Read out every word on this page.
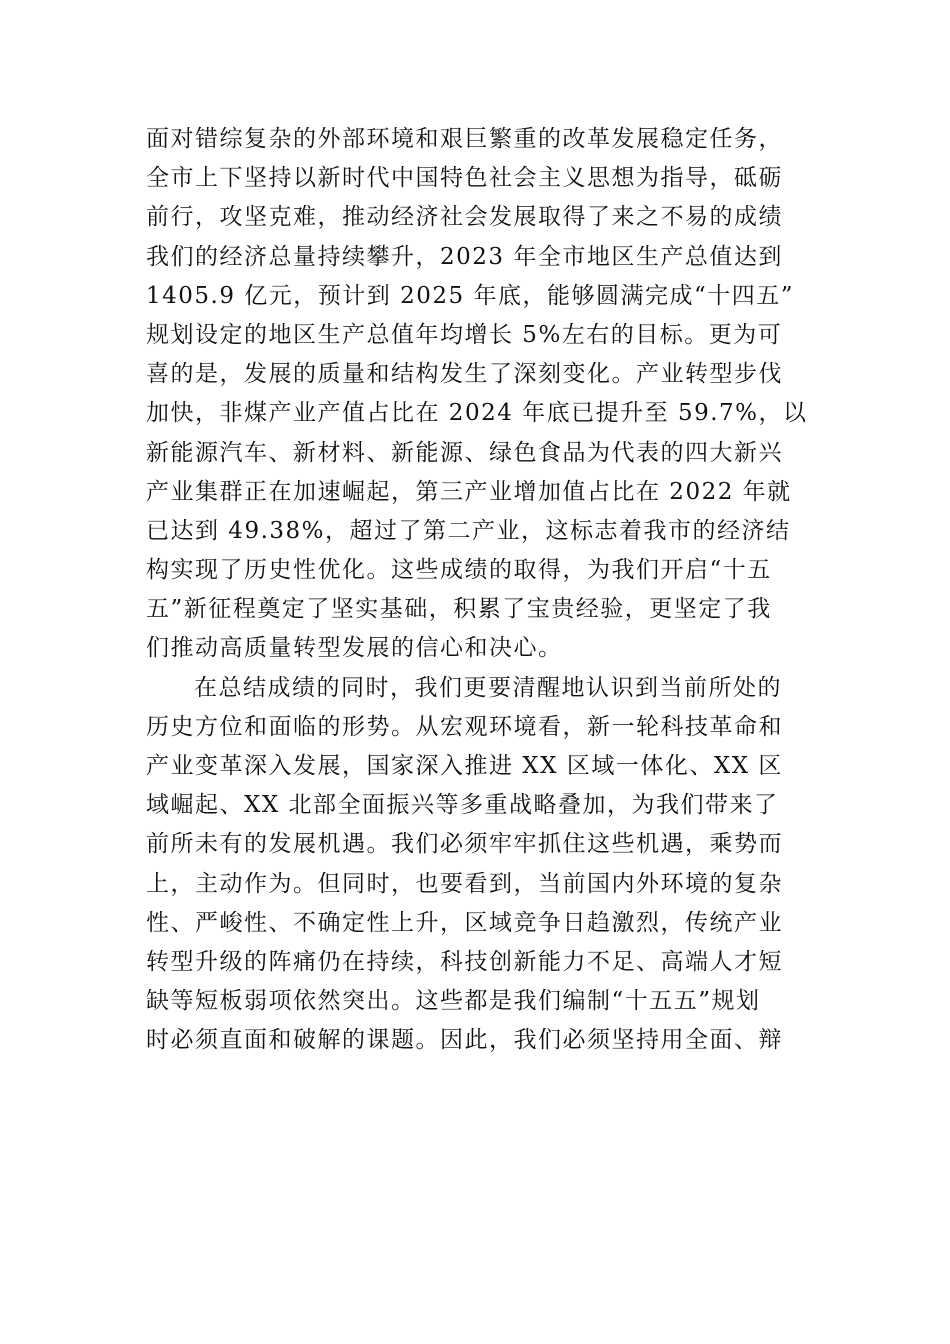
面对错综复杂的外部环境和艰巨繁重的改革发展稳定任务，
全市上下坚持以新时代中国特色社会主义思想为指导，砥砺
前行，攻坚克难，推动经济社会发展取得了来之不易的成绩
我们的经济总量持续攀升，2023 年全市地区生产总值达到
1405.9 亿元，预计到 2025 年底，能够圆满完成“十四五”
规划设定的地区生产总值年均增长 5%左右的目标。更为可
喜的是，发展的质量和结构发生了深刻变化。产业转型步伐
加快，非煤产业产值占比在 2024 年底已提升至 59.7%，以
新能源汽车、新材料、新能源、绿色食品为代表的四大新兴
产业集群正在加速崛起，第三产业增加值占比在 2022 年就
已达到 49.38%，超过了第二产业，这标志着我市的经济结
构实现了历史性优化。这些成绩的取得，为我们开启“十五
五”新征程奠定了坚实基础，积累了宝贵经验，更坚定了我
们推动高质量转型发展的信心和决心。
在总结成绩的同时，我们更要清醒地认识到当前所处的
历史方位和面临的形势。从宏观环境看，新一轮科技革命和
产业变革深入发展，国家深入推进 XX 区域一体化、XX 区
域崛起、XX 北部全面振兴等多重战略叠加，为我们带来了
前所未有的发展机遇。我们必须牢牢抓住这些机遇，乘势而
上，主动作为。但同时，也要看到，当前国内外环境的复杂
性、严峻性、不确定性上升，区域竞争日趋激烈，传统产业
转型升级的阵痛仍在持续，科技创新能力不足、高端人才短
缺等短板弱项依然突出。这些都是我们编制“十五五”规划
时必须直面和破解的课题。因此，我们必须坚持用全面、辩
